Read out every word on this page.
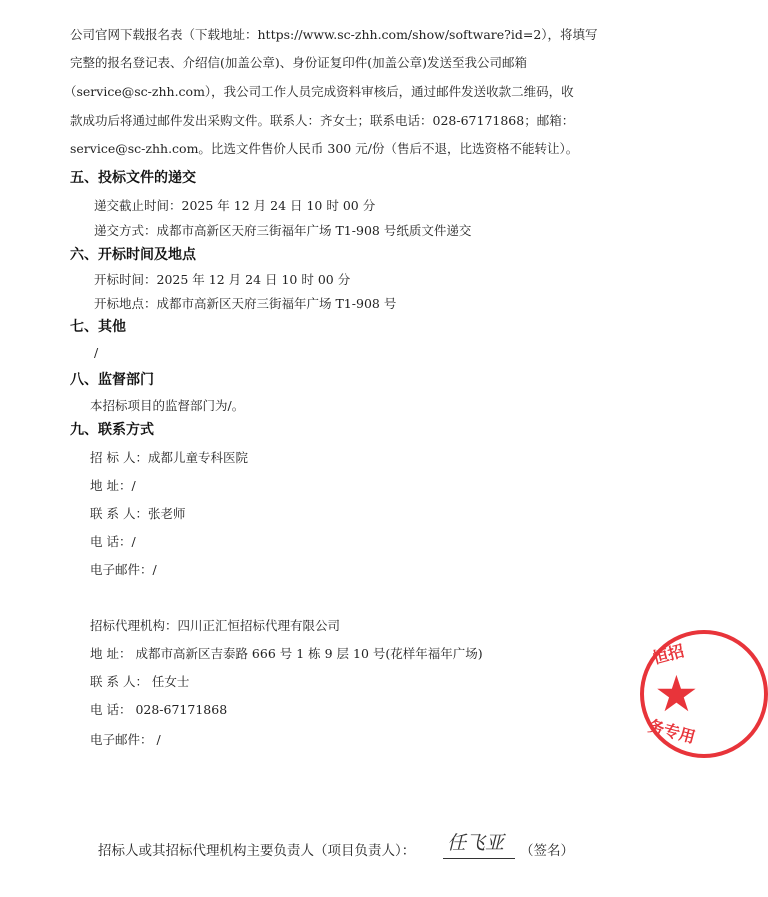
公司官网下载报名表（下载地址：https://www.sc-zhh.com/show/software?id=2），将填写
完整的报名登记表、介绍信(加盖公章)、身份证复印件(加盖公章)发送至我公司邮箱
（service@sc-zhh.com），我公司工作人员完成资料审核后，通过邮件发送收款二维码，收
款成功后将通过邮件发出采购文件。联系人：齐女士；联系电话：028-67171868；邮箱：
service@sc-zhh.com。比选文件售价人民币 300 元/份（售后不退，比选资格不能转让）。
五、投标文件的递交
递交截止时间：2025 年 12 月 24 日 10 时 00 分
递交方式：成都市高新区天府三街福年广场 T1-908 号纸质文件递交
六、开标时间及地点
开标时间：2025 年 12 月 24 日 10 时 00 分
开标地点：成都市高新区天府三街福年广场 T1-908 号
七、其他
/
八、监督部门
本招标项目的监督部门为/。
九、联系方式
招 标 人：成都儿童专科医院
地 址：/
联 系 人：张老师
电 话：/
电子邮件：/
招标代理机构：四川正汇恒招标代理有限公司
地 址： 成都市高新区吉泰路 666 号 1 栋 9 层 10 号(花样年福年广场)
联 系 人： 任女士
电 话： 028-67171868
电子邮件： /
恒招
★
务专用
招标人或其招标代理机构主要负责人（项目负责人）： 任飞亚 （签名）
